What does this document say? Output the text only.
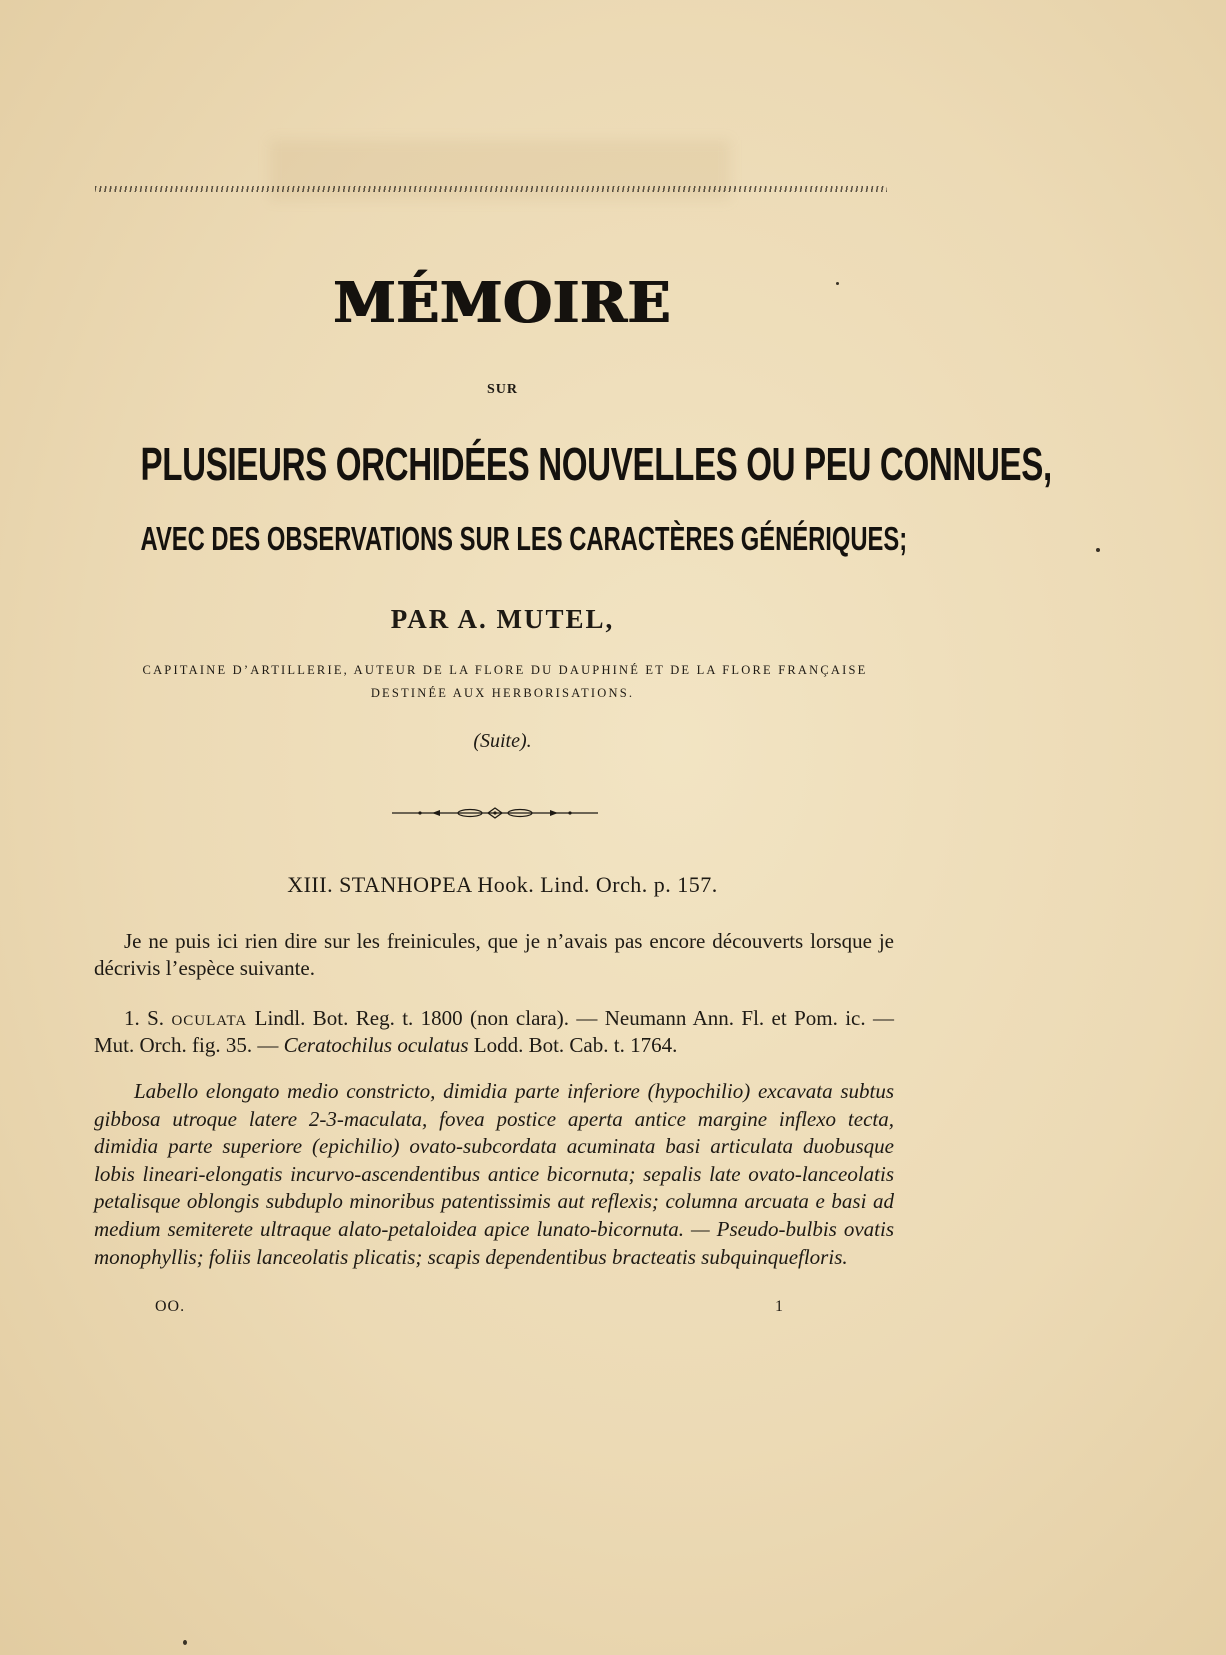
MÉMOIRE
SUR
PLUSIEURS ORCHIDÉES NOUVELLES OU PEU CONNUES,
AVEC DES OBSERVATIONS SUR LES CARACTÈRES GÉNÉRIQUES;
PAR A. MUTEL,
CAPITAINE D’ARTILLERIE, AUTEUR DE LA FLORE DU DAUPHINÉ ET DE LA FLORE FRANÇAISE
DESTINÉE AUX HERBORISATIONS.
(Suite).
XIII. STANHOPEA Hook. Lind. Orch. p. 157.
Je ne puis ici rien dire sur les freinicules, que je n’avais pas encore découverts lorsque je décrivis l’espèce suivante.
1. S. oculata Lindl. Bot. Reg. t. 1800 (non clara). — Neumann Ann. Fl. et Pom. ic. — Mut. Orch. fig. 35. — Ceratochilus oculatus Lodd. Bot. Cab. t. 1764.
Labello elongato medio constricto, dimidia parte inferiore (hypochilio) excavata subtus gibbosa utroque latere 2-3-maculata, fovea postice aperta antice margine inflexo tecta, dimidia parte superiore (epichilio) ovato-subcordata acuminata basi articulata duobusque lobis lineari-elongatis incurvo-ascendentibus antice bicornuta; sepalis late ovato-lanceolatis petalisque oblongis subduplo minoribus patentissimis aut reflexis; columna arcuata e basi ad medium semiterete ultraque alato-petaloidea apice lunato-bicornuta. — Pseudo-bulbis ovatis monophyllis; foliis lanceolatis plicatis; scapis dependentibus bracteatis subquinquefloris.
OO.	1
